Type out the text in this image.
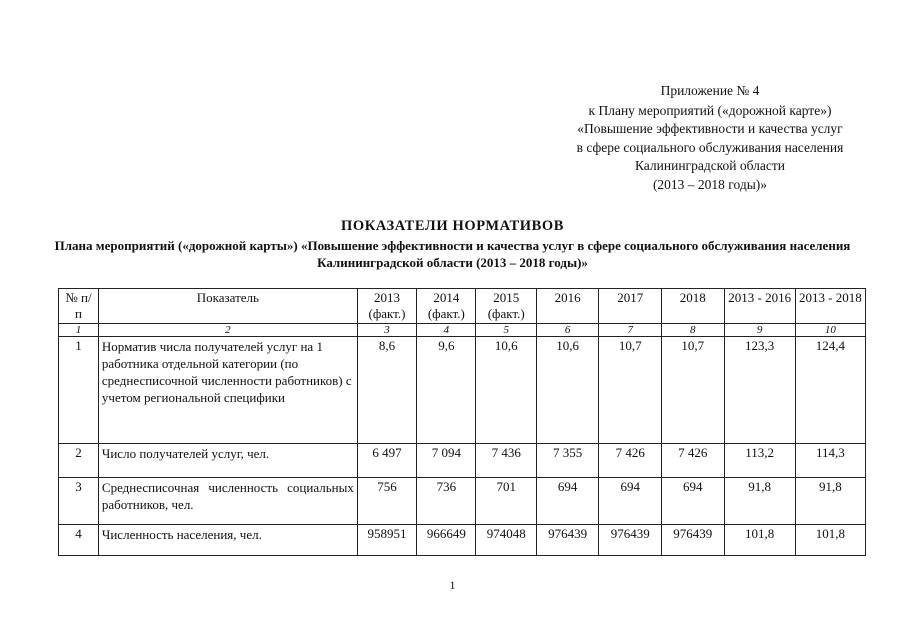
Приложение № 4
к Плану мероприятий («дорожной карте»)
«Повышение эффективности и качества услуг
в сфере социального обслуживания населения
Калининградской области
(2013 – 2018 годы)»
ПОКАЗАТЕЛИ НОРМАТИВОВ
Плана мероприятий («дорожной карты») «Повышение эффективности и качества услуг в сфере социального обслуживания населения Калининградской области (2013 – 2018 годы)»
№ п/п	Показатель	2013 (факт.)	2014 (факт.)	2015 (факт.)	2016	2017	2018	2013 - 2016	2013 - 2018
1	2	3	4	5	6	7	8	9	10
1	Норматив числа получателей услуг на 1 работника отдельной категории (по среднесписочной численности работников) с учетом региональной специфики	8,6	9,6	10,6	10,6	10,7	10,7	123,3	124,4
2	Число получателей услуг, чел.	6 497	7 094	7 436	7 355	7 426	7 426	113,2	114,3
3	Среднесписочная численность социальных работников, чел.	756	736	701	694	694	694	91,8	91,8
4	Численность населения, чел.	958951	966649	974048	976439	976439	976439	101,8	101,8
1
